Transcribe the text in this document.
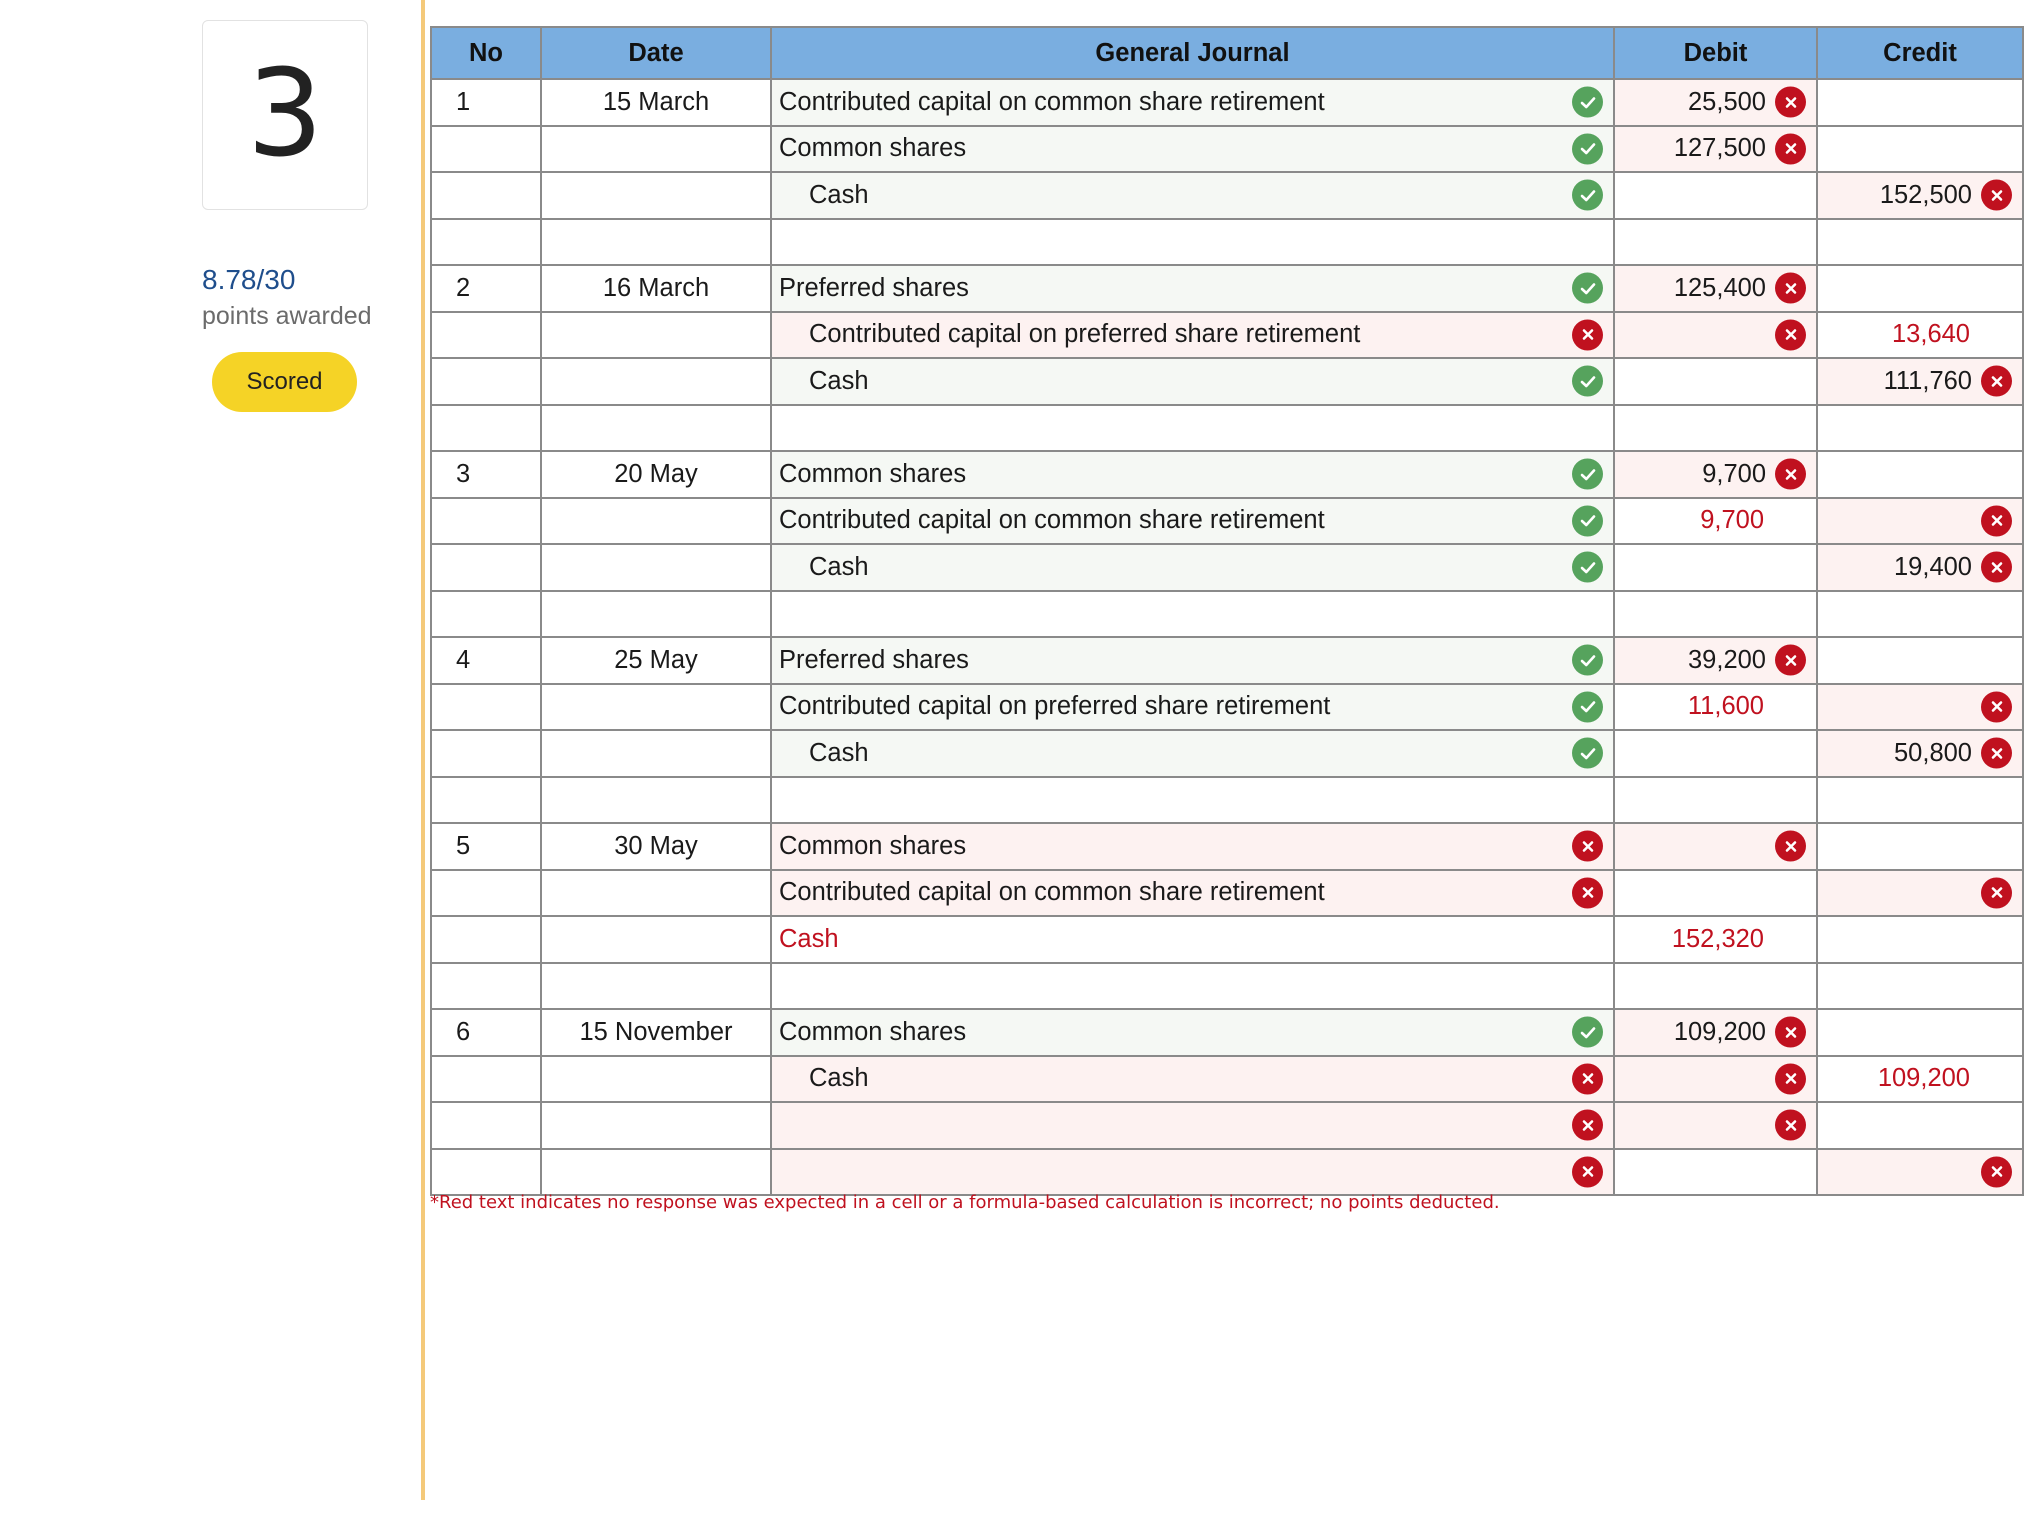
3
8.78/30
points awarded
Scored
No	Date	General Journal	Debit	Credit
1	15 March	Contributed capital on common share retirement	25,500

		Common shares	127,500

		Cash		152,500

2	16 March	Preferred shares	125,400

		Contributed capital on preferred share retirement		13,640
		Cash		111,760

3	20 May	Common shares	9,700

		Contributed capital on common share retirement	9,700	

		Cash		19,400

4	25 May	Preferred shares	39,200

		Contributed capital on preferred share retirement	11,600	

		Cash		50,800

5	30 May	Common shares

		Contributed capital on common share retirement

		Cash	152,320	

6	15 November	Common shares	109,200

		Cash		109,200

*Red text indicates no response was expected in a cell or a formula-based calculation is incorrect; no points deducted.
